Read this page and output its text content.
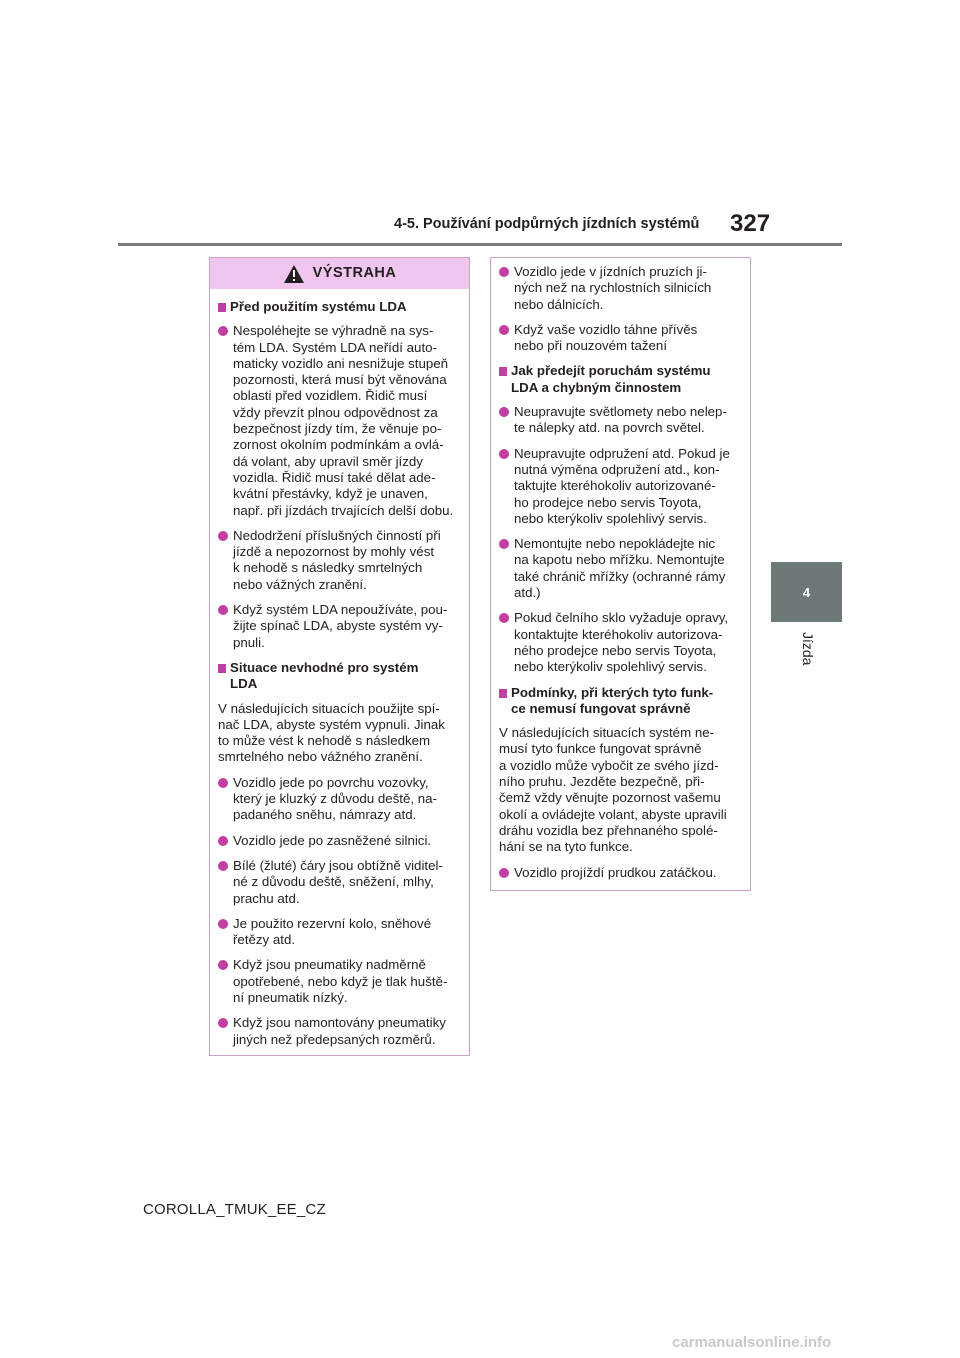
4-5. Používání podpůrných jízdních systémů	327
4
Jízda
VÝSTRAHA
Před použitím systému LDA
Nespoléhejte se výhradně na sys-
tém LDA. Systém LDA neřídí auto-
maticky vozidlo ani nesnižuje stupeň
pozornosti, která musí být věnována
oblasti před vozidlem. Řidič musí
vždy převzít plnou odpovědnost za
bezpečnost jízdy tím, že věnuje po-
zornost okolním podmínkám a ovlá-
dá volant, aby upravil směr jízdy
vozidla. Řidič musí také dělat ade-
kvátní přestávky, když je unaven,
např. při jízdách trvajících delší dobu.
Nedodržení příslušných činností při
jízdě a nepozornost by mohly vést
k nehodě s následky smrtelných
nebo vážných zranění.
Když systém LDA nepoužíváte, pou-
žijte spínač LDA, abyste systém vy-
pnuli.
Situace nevhodné pro systém
LDA
V následujících situacích použijte spí-
nač LDA, abyste systém vypnuli. Jinak
to může vést k nehodě s následkem
smrtelného nebo vážného zranění.
Vozidlo jede po povrchu vozovky,
který je kluzký z důvodu deště, na-
padaného sněhu, námrazy atd.
Vozidlo jede po zasněžené silnici.
Bílé (žluté) čáry jsou obtížně viditel-
né z důvodu deště, sněžení, mlhy,
prachu atd.
Je použito rezervní kolo, sněhové
řetězy atd.
Když jsou pneumatiky nadměrně
opotřebené, nebo když je tlak huště-
ní pneumatik nízký.
Když jsou namontovány pneumatiky
jiných než předepsaných rozměrů.
Vozidlo jede v jízdních pruzích ji-
ných než na rychlostních silnicích
nebo dálnicích.
Když vaše vozidlo táhne přívěs
nebo při nouzovém tažení
Jak předejít poruchám systému
LDA a chybným činnostem
Neupravujte světlomety nebo nelep-
te nálepky atd. na povrch světel.
Neupravujte odpružení atd. Pokud je
nutná výměna odpružení atd., kon-
taktujte kteréhokoliv autorizované-
ho prodejce nebo servis Toyota,
nebo kterýkoliv spolehlivý servis.
Nemontujte nebo nepokládejte nic
na kapotu nebo mřížku. Nemontujte
také chránič mřížky (ochranné rámy
atd.)
Pokud čelního sklo vyžaduje opravy,
kontaktujte kteréhokoliv autorizova-
ného prodejce nebo servis Toyota,
nebo kterýkoliv spolehlivý servis.
Podmínky, při kterých tyto funk-
ce nemusí fungovat správně
V následujících situacích systém ne-
musí tyto funkce fungovat správně
a vozidlo může vybočit ze svého jízd-
ního pruhu. Jezděte bezpečně, při-
čemž vždy věnujte pozornost vašemu
okolí a ovládejte volant, abyste upravili
dráhu vozidla bez přehnaného spolé-
hání se na tyto funkce.
Vozidlo projíždí prudkou zatáčkou.
COROLLA_TMUK_EE_CZ
carmanualsonline.info
